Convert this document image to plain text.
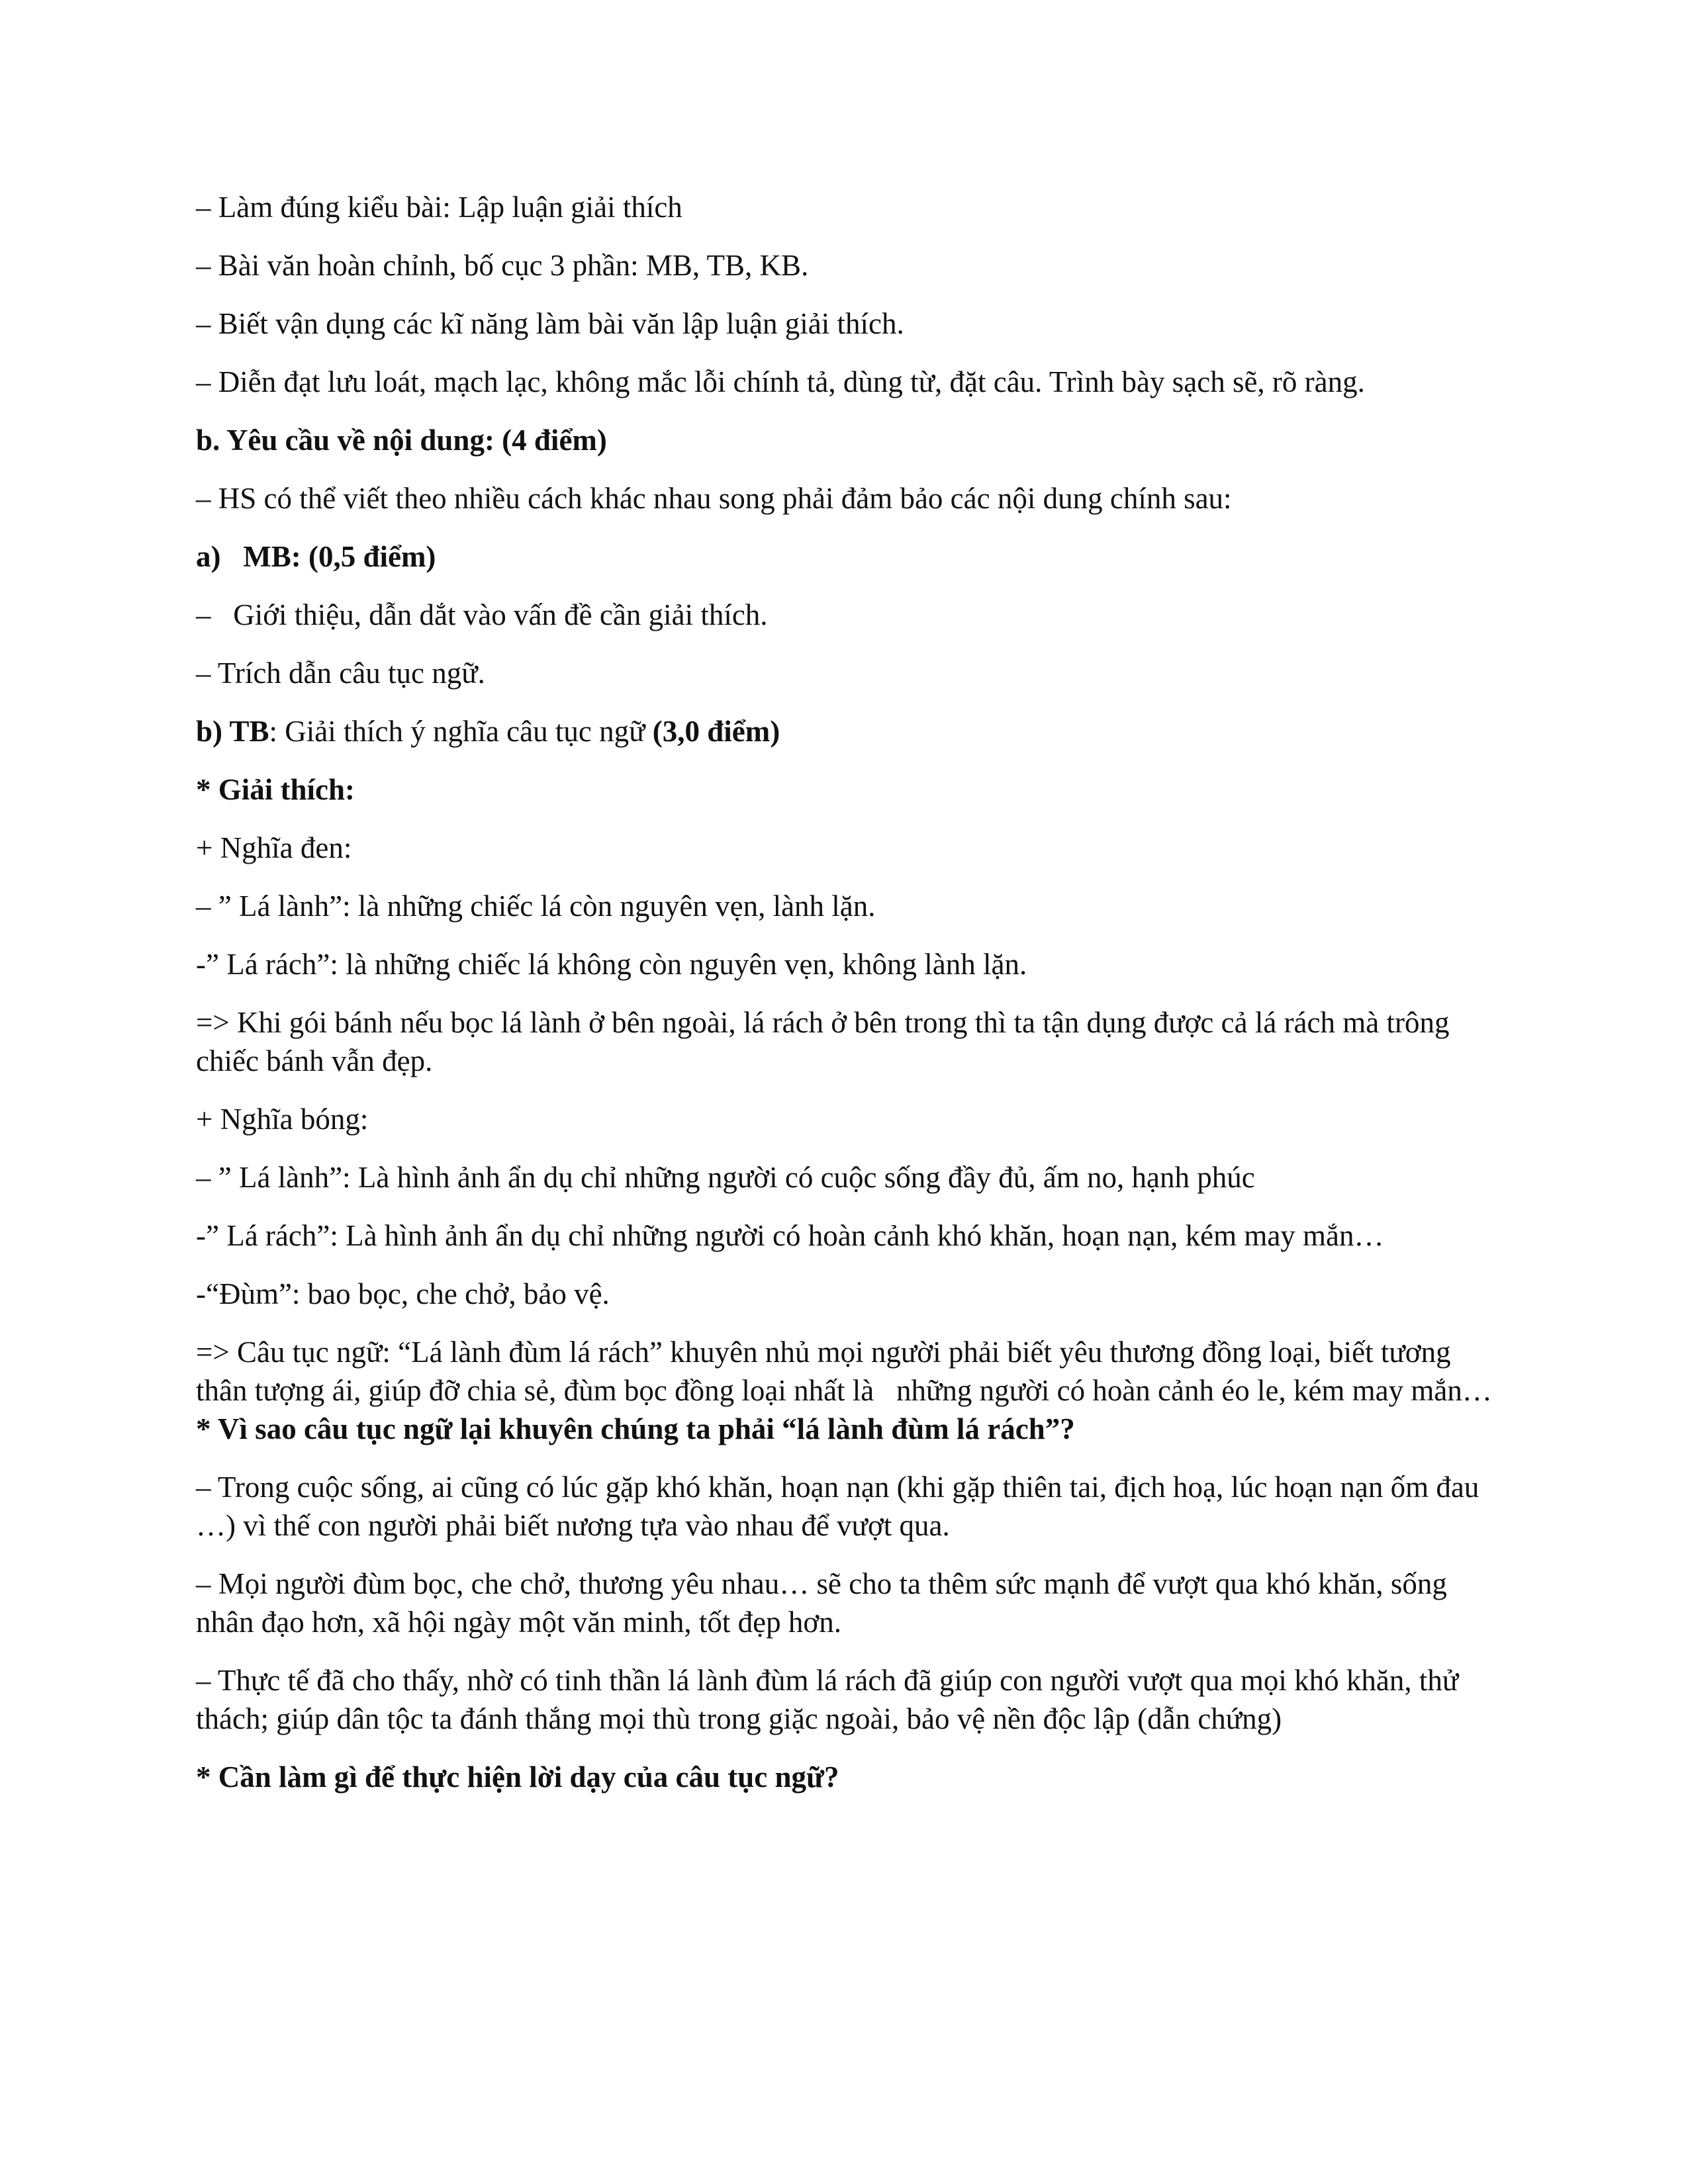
– Làm đúng kiểu bài: Lập luận giải thích

– Bài văn hoàn chỉnh, bố cục 3 phần: MB, TB, KB.

– Biết vận dụng các kĩ năng làm bài văn lập luận giải thích.

– Diễn đạt lưu loát, mạch lạc, không mắc lỗi chính tả, dùng từ, đặt câu. Trình bày sạch sẽ, rõ ràng.

b. Yêu cầu về nội dung: (4 điểm)

– HS có thể viết theo nhiều cách khác nhau song phải đảm bảo các nội dung chính sau:

a)   MB: (0,5 điểm)

–   Giới thiệu, dẫn dắt vào vấn đề cần giải thích.

– Trích dẫn câu tục ngữ.

b) TB: Giải thích ý nghĩa câu tục ngữ (3,0 điểm)

* Giải thích:

+ Nghĩa đen:

– ” Lá lành”: là những chiếc lá còn nguyên vẹn, lành lặn.

-” Lá rách”: là những chiếc lá không còn nguyên vẹn, không lành lặn.

=> Khi gói bánh nếu bọc lá lành ở bên ngoài, lá rách ở bên trong thì ta tận dụng được cả lá rách mà trông chiếc bánh vẫn đẹp.

+ Nghĩa bóng:

– ” Lá lành”: Là hình ảnh ẩn dụ chỉ những người có cuộc sống đầy đủ, ấm no, hạnh phúc

-” Lá rách”: Là hình ảnh ẩn dụ chỉ những người có hoàn cảnh khó khăn, hoạn nạn, kém may mắn…

-“Đùm”: bao bọc, che chở, bảo vệ.

=> Câu tục ngữ: “Lá lành đùm lá rách” khuyên nhủ mọi người phải biết yêu thương đồng loại, biết tương thân tượng ái, giúp đỡ chia sẻ, đùm bọc đồng loại nhất là   những người có hoàn cảnh éo le, kém may mắn…

* Vì sao câu tục ngữ lại khuyên chúng ta phải “lá lành đùm lá rách”?

– Trong cuộc sống, ai cũng có lúc gặp khó khăn, hoạn nạn (khi gặp thiên tai, địch hoạ, lúc hoạn nạn ốm đau …) vì thế con người phải biết nương tựa vào nhau để vượt qua.

– Mọi người đùm bọc, che chở, thương yêu nhau… sẽ cho ta thêm sức mạnh để vượt qua khó khăn, sống nhân đạo hơn, xã hội ngày một văn minh, tốt đẹp hơn.

– Thực tế đã cho thấy, nhờ có tinh thần lá lành đùm lá rách đã giúp con người vượt qua mọi khó khăn, thử thách; giúp dân tộc ta đánh thắng mọi thù trong giặc ngoài, bảo vệ nền độc lập (dẫn chứng)

* Cần làm gì để thực hiện lời dạy của câu tục ngữ?
